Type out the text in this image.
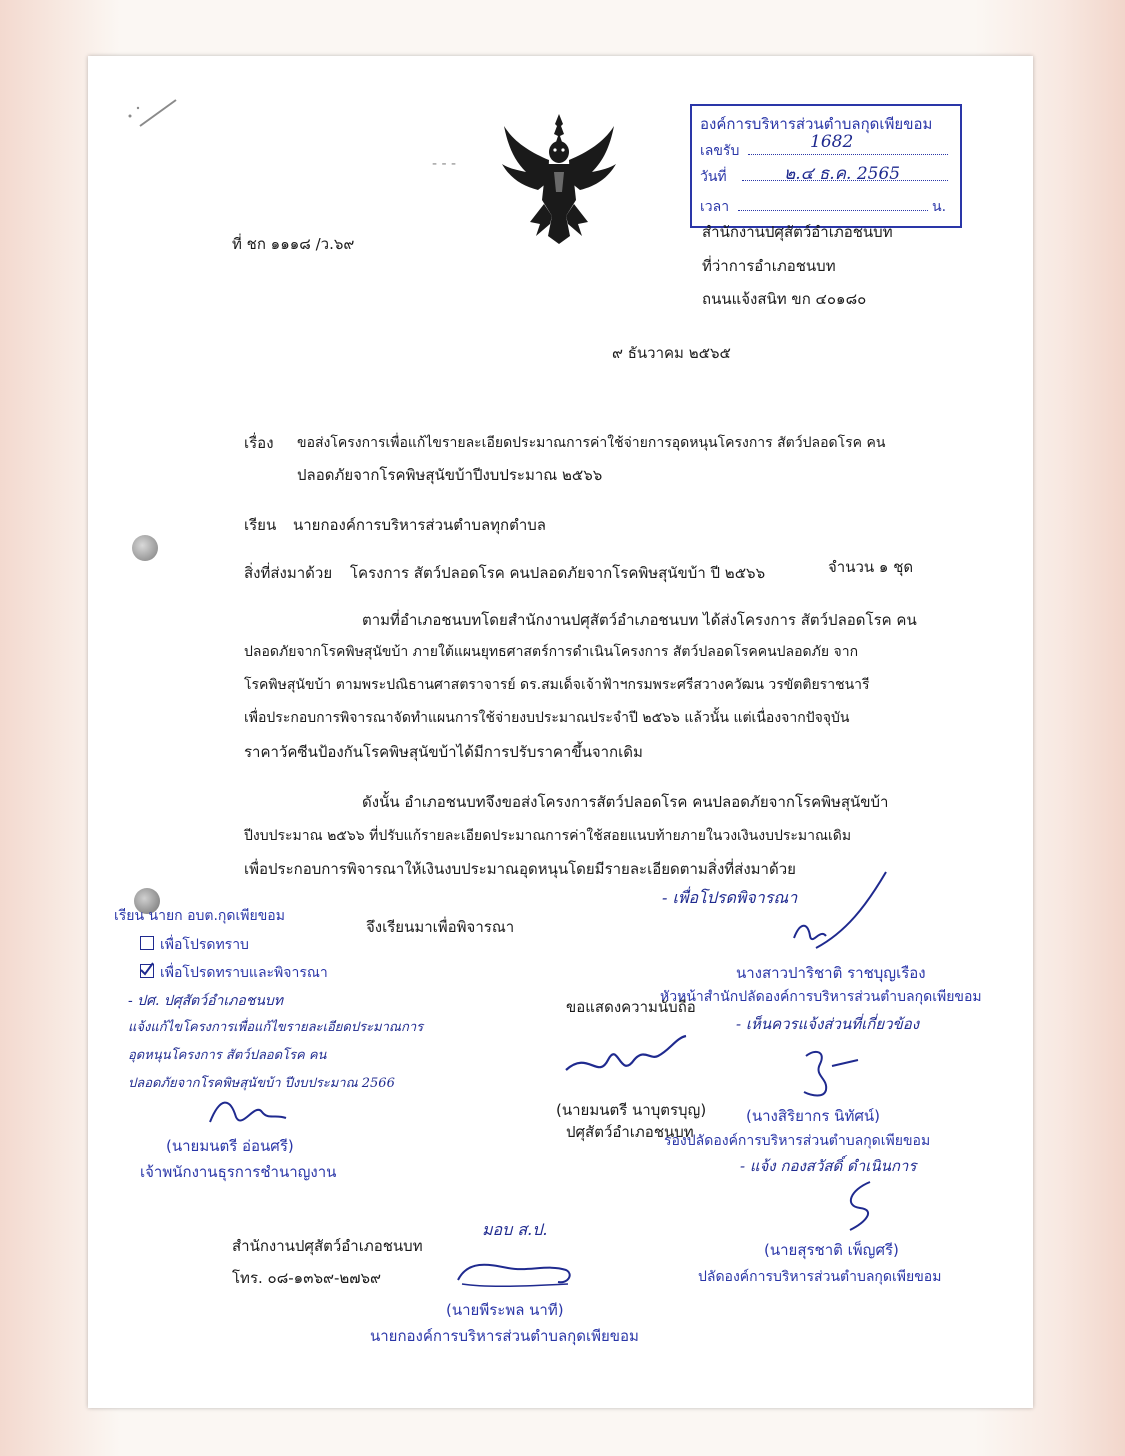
- - -
องค์การบริหารส่วนตำบลกุดเพียขอม
เลขรับ	1682
วันที่	๒.๔ ธ.ค. 2565
เวลา	น.
ที่ ชก ๑๑๑๘ /ว.๖๙
สำนักงานปศุสัตว์อำเภอชนบท
ที่ว่าการอำเภอชนบท
ถนนแจ้งสนิท ขก ๔๐๑๘๐
๙ ธันวาคม ๒๕๖๕
เรื่อง ขอส่งโครงการเพื่อแก้ไขรายละเอียดประมาณการค่าใช้จ่ายการอุดหนุนโครงการ สัตว์ปลอดโรค คน
ปลอดภัยจากโรคพิษสุนัขบ้าปีงบประมาณ ๒๕๖๖
เรียน นายกองค์การบริหารส่วนตำบลทุกตำบล
สิ่งที่ส่งมาด้วย โครงการ สัตว์ปลอดโรค คนปลอดภัยจากโรคพิษสุนัขบ้า ปี ๒๕๖๖	จำนวน ๑ ชุด
ตามที่อำเภอชนบทโดยสำนักงานปศุสัตว์อำเภอชนบท ได้ส่งโครงการ สัตว์ปลอดโรค คน
ปลอดภัยจากโรคพิษสุนัขบ้า ภายใต้แผนยุทธศาสตร์การดำเนินโครงการ สัตว์ปลอดโรคคนปลอดภัย จาก
โรคพิษสุนัขบ้า ตามพระปณิธานศาสตราจารย์ ดร.สมเด็จเจ้าฟ้าฯกรมพระศรีสวางควัฒน วรขัตติยราชนารี
เพื่อประกอบการพิจารณาจัดทำแผนการใช้จ่ายงบประมาณประจำปี ๒๕๖๖ แล้วนั้น แต่เนื่องจากปัจจุบัน
ราคาวัคซีนป้องกันโรคพิษสุนัขบ้าได้มีการปรับราคาขึ้นจากเดิม
ดังนั้น อำเภอชนบทจึงขอส่งโครงการสัตว์ปลอดโรค คนปลอดภัยจากโรคพิษสุนัขบ้า
ปีงบประมาณ ๒๕๖๖ ที่ปรับแก้รายละเอียดประมาณการค่าใช้สอยแนบท้ายภายในวงเงินงบประมาณเดิม
เพื่อประกอบการพิจารณาให้เงินงบประมาณอุดหนุนโดยมีรายละเอียดตามสิ่งที่ส่งมาด้วย
จึงเรียนมาเพื่อพิจารณา
เรียน นายก อบต.กุดเพียขอม
เพื่อโปรดทราบ
เพื่อโปรดทราบและพิจารณา
- ปศ. ปศุสัตว์อำเภอชนบท
แจ้งแก้ไขโครงการเพื่อแก้ไขรายละเอียดประมาณการ
อุดหนุนโครงการ สัตว์ปลอดโรค คน
ปลอดภัยจากโรคพิษสุนัขบ้า ปีงบประมาณ 2566
(นายมนตรี อ่อนศรี)
เจ้าพนักงานธุรการชำนาญงาน
- เพื่อโปรดพิจารณา
นางสาวปาริชาติ ราชบุญเรือง
หัวหน้าสำนักปลัดองค์การบริหารส่วนตำบลกุดเพียขอม
ขอแสดงความนับถือ
(นายมนตรี นาบุตรบุญ)
ปศุสัตว์อำเภอชนบท
- เห็นควรแจ้งส่วนที่เกี่ยวข้อง
(นางสิริยากร นิทัศน์)
รองปลัดองค์การบริหารส่วนตำบลกุดเพียขอม
- แจ้ง กองสวัสดิ์ ดำเนินการ
(นายสุรชาติ เพ็ญศรี)
ปลัดองค์การบริหารส่วนตำบลกุดเพียขอม
มอบ ส.ป.
(นายพีระพล นาที)
นายกองค์การบริหารส่วนตำบลกุดเพียขอม
สำนักงานปศุสัตว์อำเภอชนบท
โทร. ๐๘-๑๓๖๙-๒๗๖๙
